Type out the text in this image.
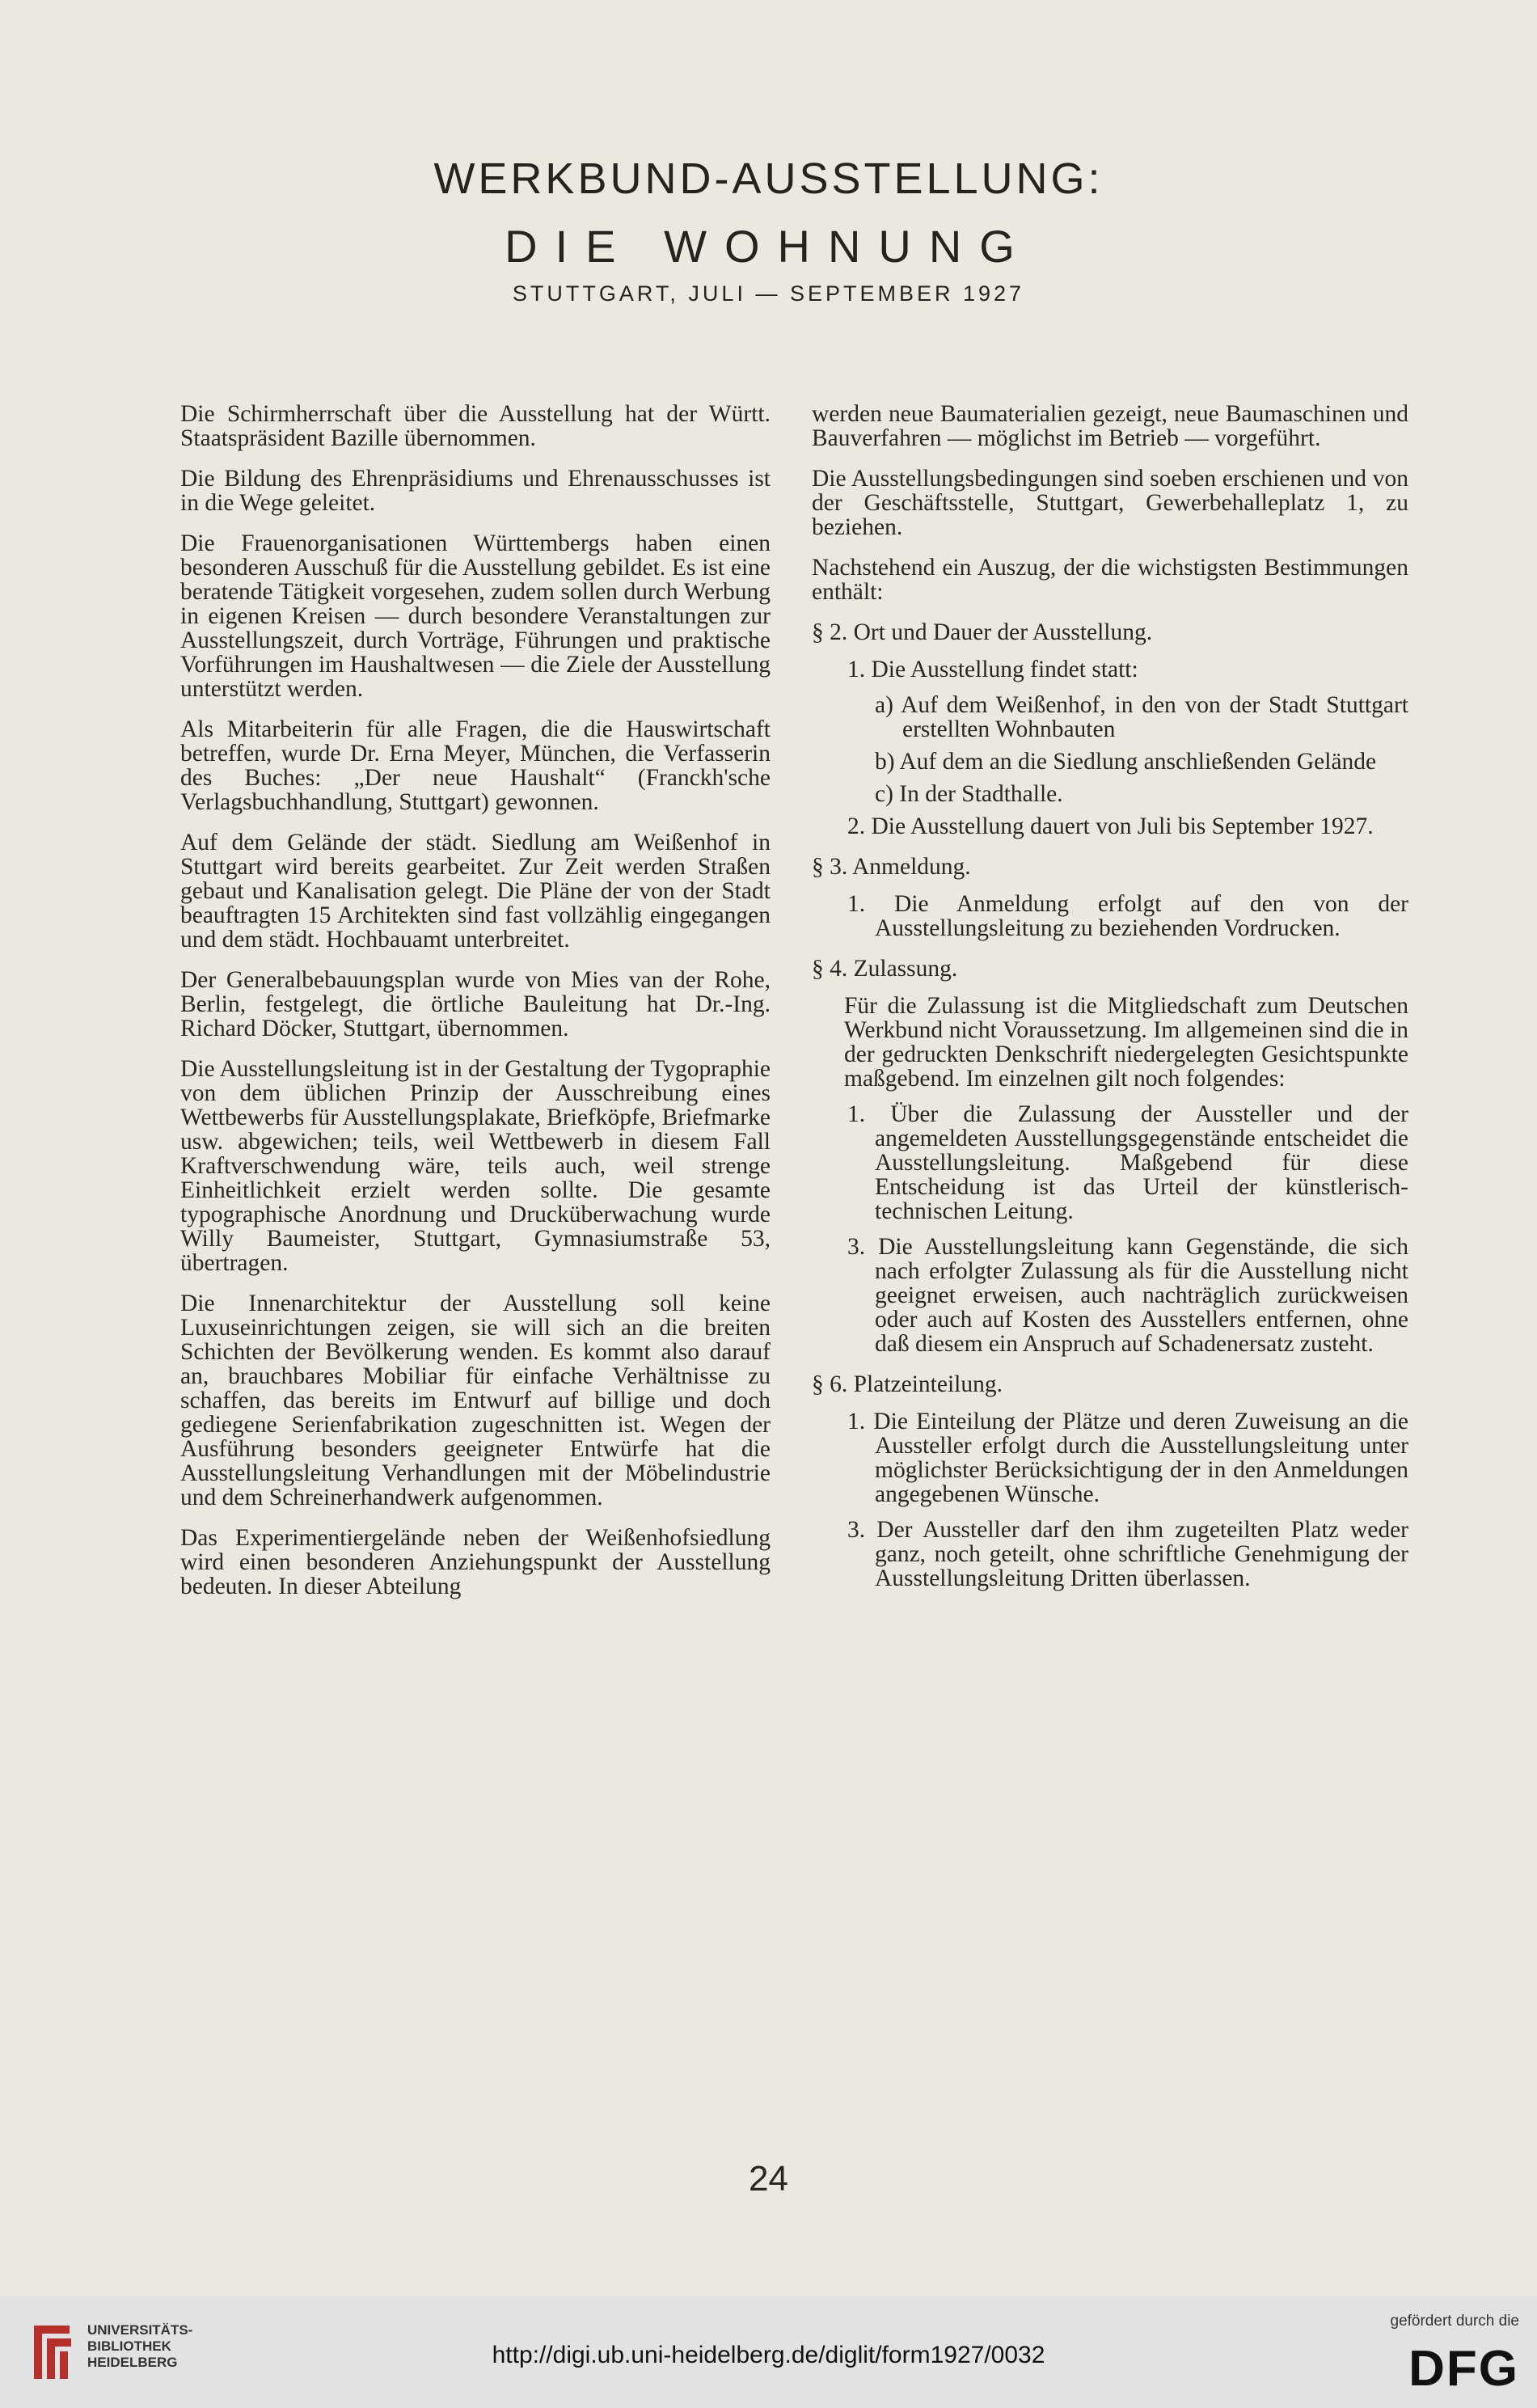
WERKBUND-AUSSTELLUNG:
DIE WOHNUNG
STUTTGART, JULI — SEPTEMBER 1927

Die Schirmherrschaft über die Ausstellung hat der Württ. Staatspräsident Bazille übernommen.

Die Bildung des Ehrenpräsidiums und Ehrenausschusses ist in die Wege geleitet.

Die Frauenorganisationen Württembergs haben einen besonderen Ausschuß für die Ausstellung gebildet. Es ist eine beratende Tätigkeit vorgesehen, zudem sollen durch Werbung in eigenen Kreisen — durch besondere Veranstaltungen zur Ausstellungszeit, durch Vorträge, Führungen und praktische Vorführungen im Haushaltwesen — die Ziele der Ausstellung unterstützt werden.

Als Mitarbeiterin für alle Fragen, die die Hauswirtschaft betreffen, wurde Dr. Erna Meyer, München, die Verfasserin des Buches: „Der neue Haushalt“ (Franckh'sche Verlagsbuchhandlung, Stuttgart) gewonnen.

Auf dem Gelände der städt. Siedlung am Weißenhof in Stuttgart wird bereits gearbeitet. Zur Zeit werden Straßen gebaut und Kanalisation gelegt. Die Pläne der von der Stadt beauftragten 15 Architekten sind fast vollzählig eingegangen und dem städt. Hochbauamt unterbreitet.

Der Generalbebauungsplan wurde von Mies van der Rohe, Berlin, festgelegt, die örtliche Bauleitung hat Dr.-Ing. Richard Döcker, Stuttgart, übernommen.

Die Ausstellungsleitung ist in der Gestaltung der Tygopraphie von dem üblichen Prinzip der Ausschreibung eines Wettbewerbs für Ausstellungsplakate, Briefköpfe, Briefmarke usw. abgewichen; teils, weil Wettbewerb in diesem Fall Kraftverschwendung wäre, teils auch, weil strenge Einheitlichkeit erzielt werden sollte. Die gesamte typographische Anordnung und Drucküberwachung wurde Willy Baumeister, Stuttgart, Gymnasiumstraße 53, übertragen.

Die Innenarchitektur der Ausstellung soll keine Luxuseinrichtungen zeigen, sie will sich an die breiten Schichten der Bevölkerung wenden. Es kommt also darauf an, brauchbares Mobiliar für einfache Verhältnisse zu schaffen, das bereits im Entwurf auf billige und doch gediegene Serienfabrikation zugeschnitten ist. Wegen der Ausführung besonders geeigneter Entwürfe hat die Ausstellungsleitung Verhandlungen mit der Möbelindustrie und dem Schreinerhandwerk aufgenommen.

Das Experimentiergelände neben der Weißenhofsiedlung wird einen besonderen Anziehungspunkt der Ausstellung bedeuten. In dieser Abteilung

werden neue Baumaterialien gezeigt, neue Baumaschinen und Bauverfahren — möglichst im Betrieb — vorgeführt.

Die Ausstellungsbedingungen sind soeben erschienen und von der Geschäftsstelle, Stuttgart, Gewerbehalleplatz 1, zu beziehen.

Nachstehend ein Auszug, der die wichstigsten Bestimmungen enthält:

§ 2. Ort und Dauer der Ausstellung.

1. Die Ausstellung findet statt:

a) Auf dem Weißenhof, in den von der Stadt Stuttgart erstellten Wohnbauten

b) Auf dem an die Siedlung anschließenden Gelände

c) In der Stadthalle.

2. Die Ausstellung dauert von Juli bis September 1927.

§ 3. Anmeldung.

1. Die Anmeldung erfolgt auf den von der Ausstellungsleitung zu beziehenden Vordrucken.

§ 4. Zulassung.

Für die Zulassung ist die Mitgliedschaft zum Deutschen Werkbund nicht Voraussetzung. Im allgemeinen sind die in der gedruckten Denkschrift niedergelegten Gesichtspunkte maßgebend. Im einzelnen gilt noch folgendes:

1. Über die Zulassung der Aussteller und der angemeldeten Ausstellungsgegenstände entscheidet die Ausstellungsleitung. Maßgebend für diese Entscheidung ist das Urteil der künstlerisch-technischen Leitung.

3. Die Ausstellungsleitung kann Gegenstände, die sich nach erfolgter Zulassung als für die Ausstellung nicht geeignet erweisen, auch nachträglich zurückweisen oder auch auf Kosten des Ausstellers entfernen, ohne daß diesem ein Anspruch auf Schadenersatz zusteht.

§ 6. Platzeinteilung.

1. Die Einteilung der Plätze und deren Zuweisung an die Aussteller erfolgt durch die Ausstellungsleitung unter möglichster Berücksichtigung der in den Anmeldungen angegebenen Wünsche.

3. Der Aussteller darf den ihm zugeteilten Platz weder ganz, noch geteilt, ohne schriftliche Genehmigung der Ausstellungsleitung Dritten überlassen.

24
UNIVERSITÄTS-
BIBLIOTHEK
HEIDELBERG	http://digi.ub.uni-heidelberg.de/diglit/form1927/0032
gefördert durch die
DFG
